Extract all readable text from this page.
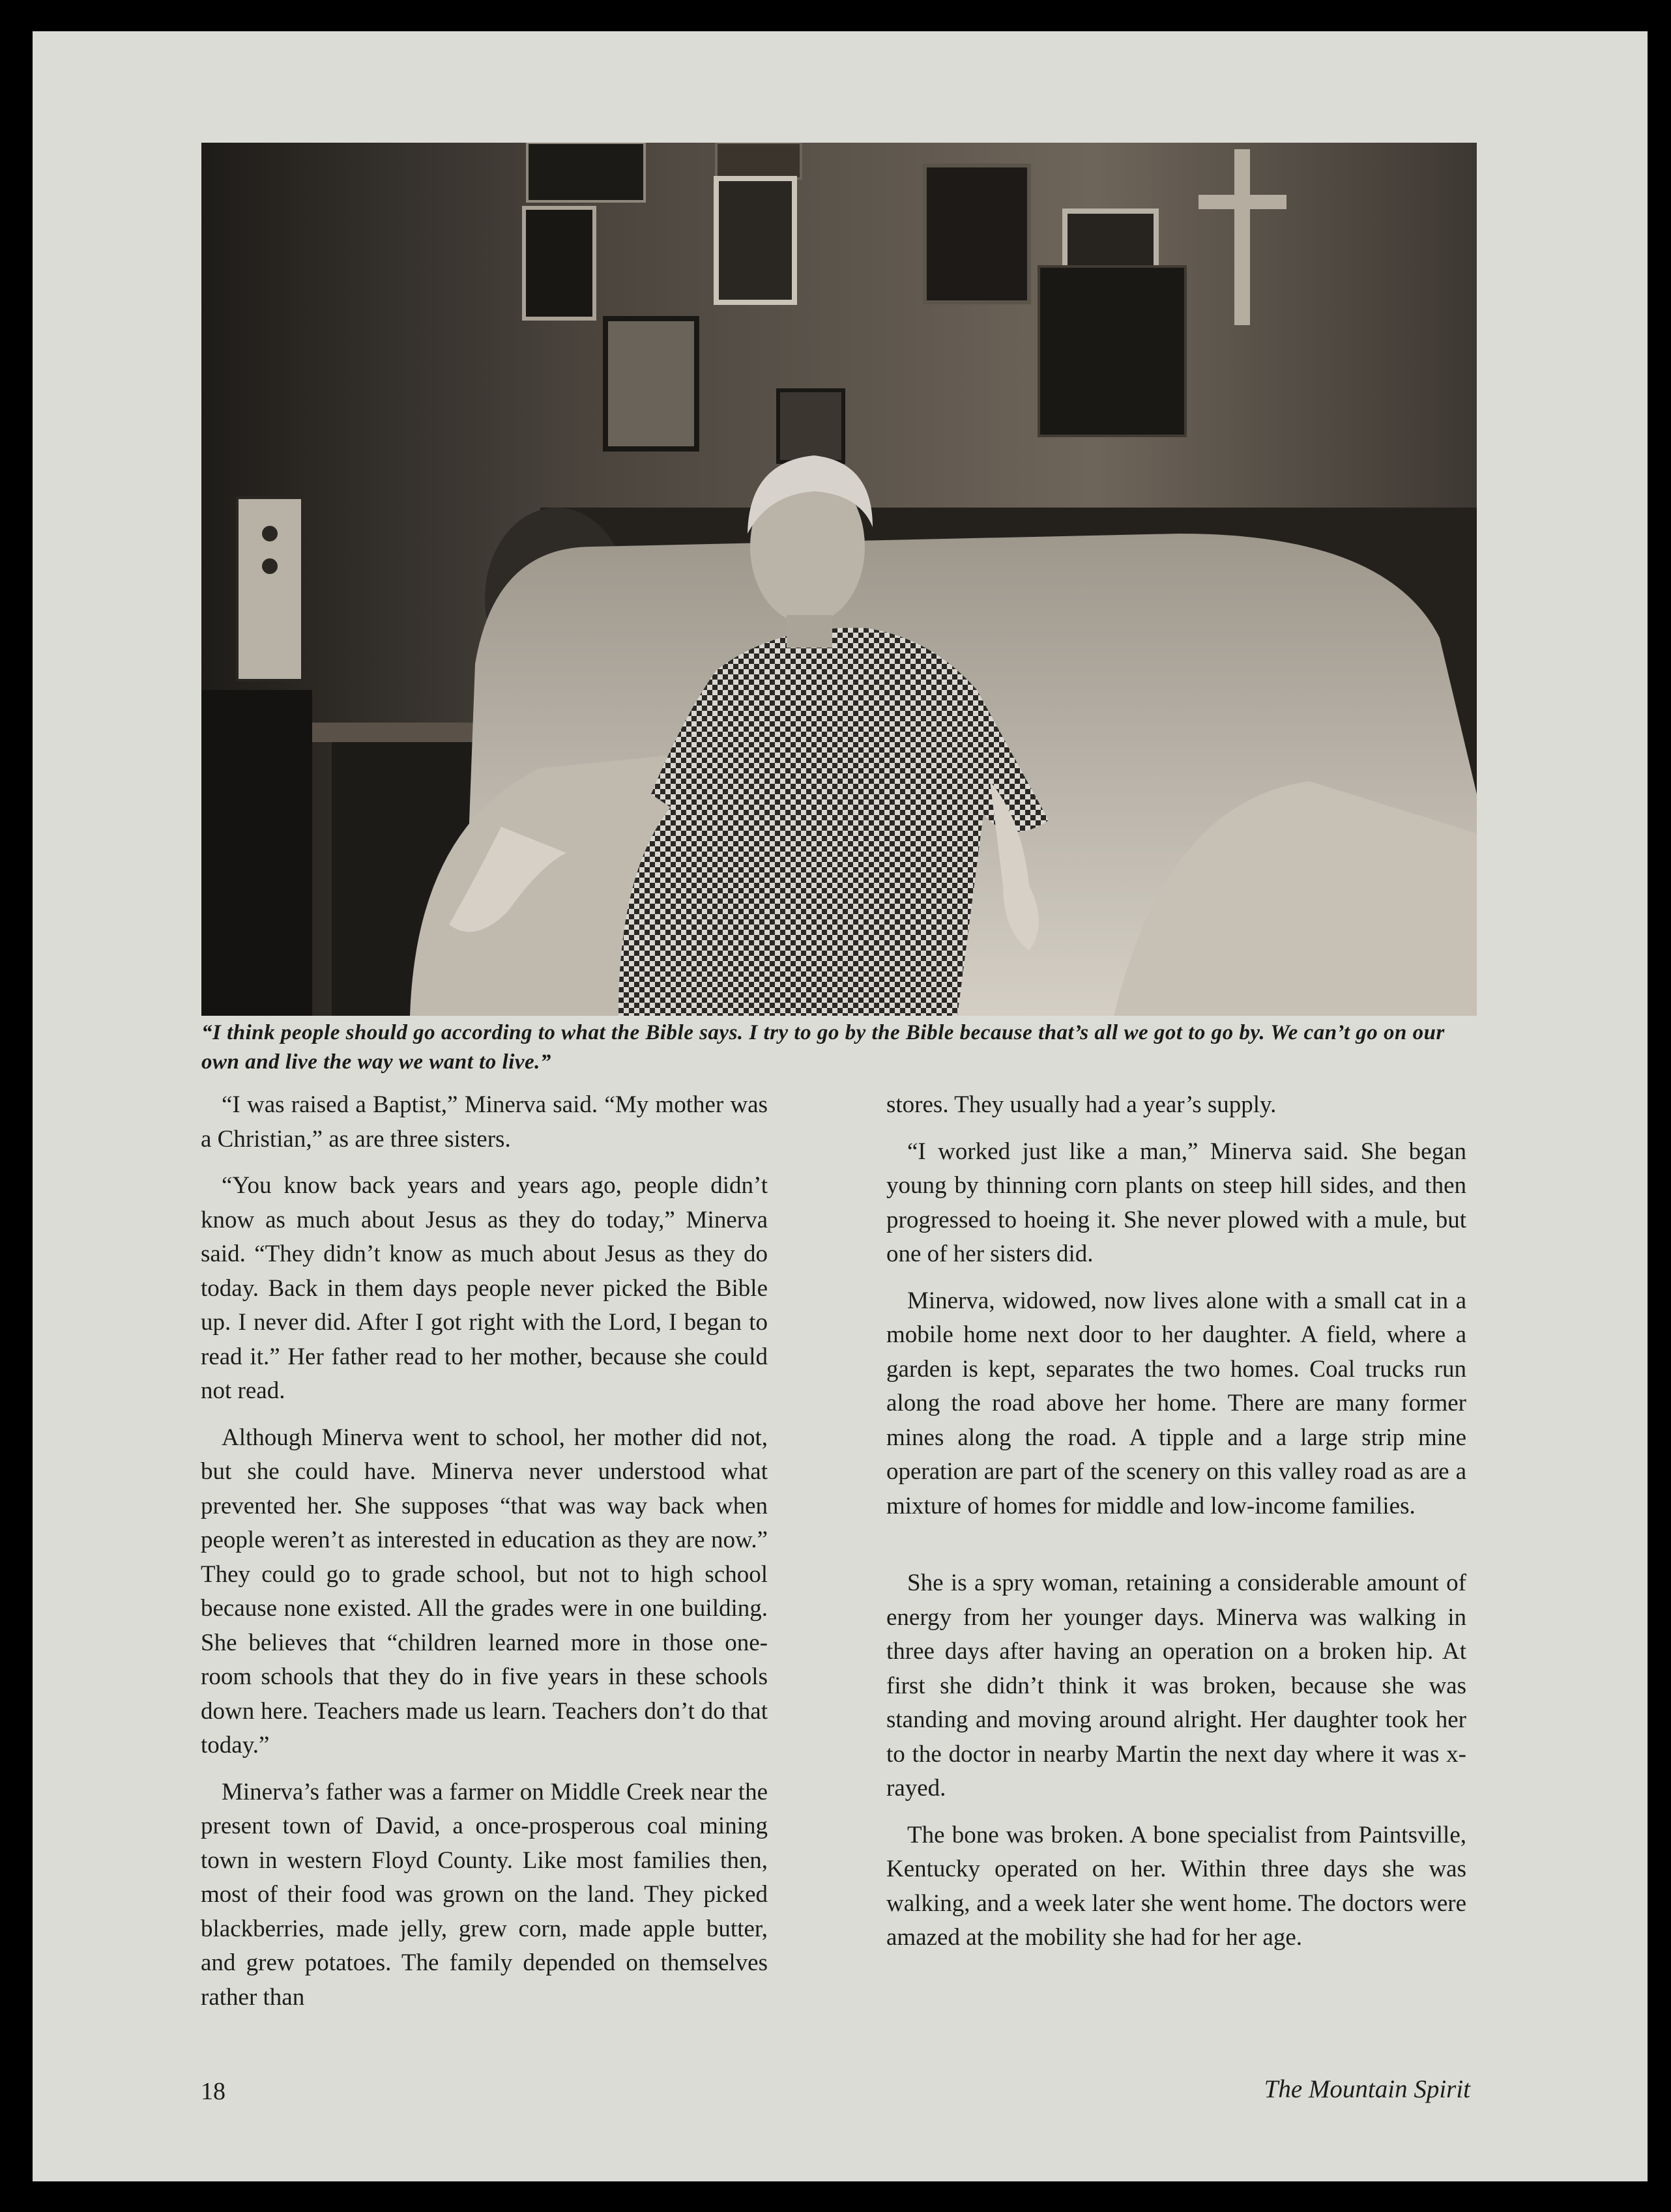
“I think people should go according to what the Bible says. I try to go by the Bible because that’s all we got to go by. We can’t go on our own and live the way we want to live.”

“I was raised a Baptist,” Minerva said. “My mother was a Christian,” as are three sisters.

“You know back years and years ago, people didn’t know as much about Jesus as they do today,” Minerva said. “They didn’t know as much about Jesus as they do today. Back in them days people never picked the Bible up. I never did. After I got right with the Lord, I began to read it.” Her father read to her mother, because she could not read.

Although Minerva went to school, her mother did not, but she could have. Minerva never understood what prevented her. She supposes “that was way back when people weren’t as interested in education as they are now.” They could go to grade school, but not to high school because none existed. All the grades were in one building. She believes that “children learned more in those one-room schools that they do in five years in these schools down here. Teachers made us learn. Teachers don’t do that today.”

Minerva’s father was a farmer on Middle Creek near the present town of David, a once-prosperous coal mining town in western Floyd County. Like most families then, most of their food was grown on the land. They picked blackberries, made jelly, grew corn, made apple butter, and grew potatoes. The family depended on themselves rather than

stores. They usually had a year’s supply.

“I worked just like a man,” Minerva said. She began young by thinning corn plants on steep hill sides, and then progressed to hoeing it. She never plowed with a mule, but one of her sisters did.

Minerva, widowed, now lives alone with a small cat in a mobile home next door to her daughter. A field, where a garden is kept, separates the two homes. Coal trucks run along the road above her home. There are many former mines along the road. A tipple and a large strip mine operation are part of the scenery on this valley road as are a mixture of homes for middle and low-income families.

She is a spry woman, retaining a considerable amount of energy from her younger days. Minerva was walking in three days after having an operation on a broken hip. At first she didn’t think it was broken, because she was standing and moving around alright. Her daughter took her to the doctor in nearby Martin the next day where it was x-rayed.

The bone was broken. A bone specialist from Paintsville, Kentucky operated on her. Within three days she was walking, and a week later she went home. The doctors were amazed at the mobility she had for her age.

18	The Mountain Spirit
